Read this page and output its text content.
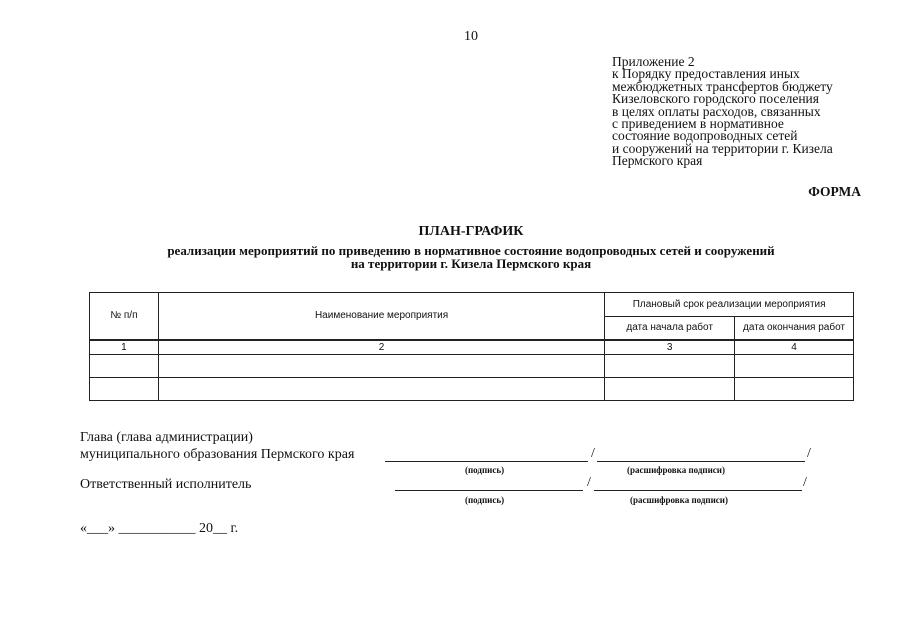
10
Приложение 2
к Порядку предоставления иных
межбюджетных трансфертов бюджету
Кизеловского городского поселения
в целях оплаты расходов, связанных
с приведением в нормативное
состояние водопроводных сетей
и сооружений на территории г. Кизела
Пермского края
ФОРМА
ПЛАН-ГРАФИК
реализации мероприятий по приведению в нормативное состояние водопроводных сетей и сооружений
на территории г. Кизела Пермского края
№ п/п	Наименование мероприятия	Плановый срок реализации мероприятия	
		дата начала работ	дата окончания работ
1	2	3	4

Глава (глава администрации)
муниципального образования Пермского края	/	/
(подпись)	(расшифровка подписи)
Ответственный исполнитель	/	/
(подпись)	(расшифровка подписи)
«___» ___________ 20__ г.
